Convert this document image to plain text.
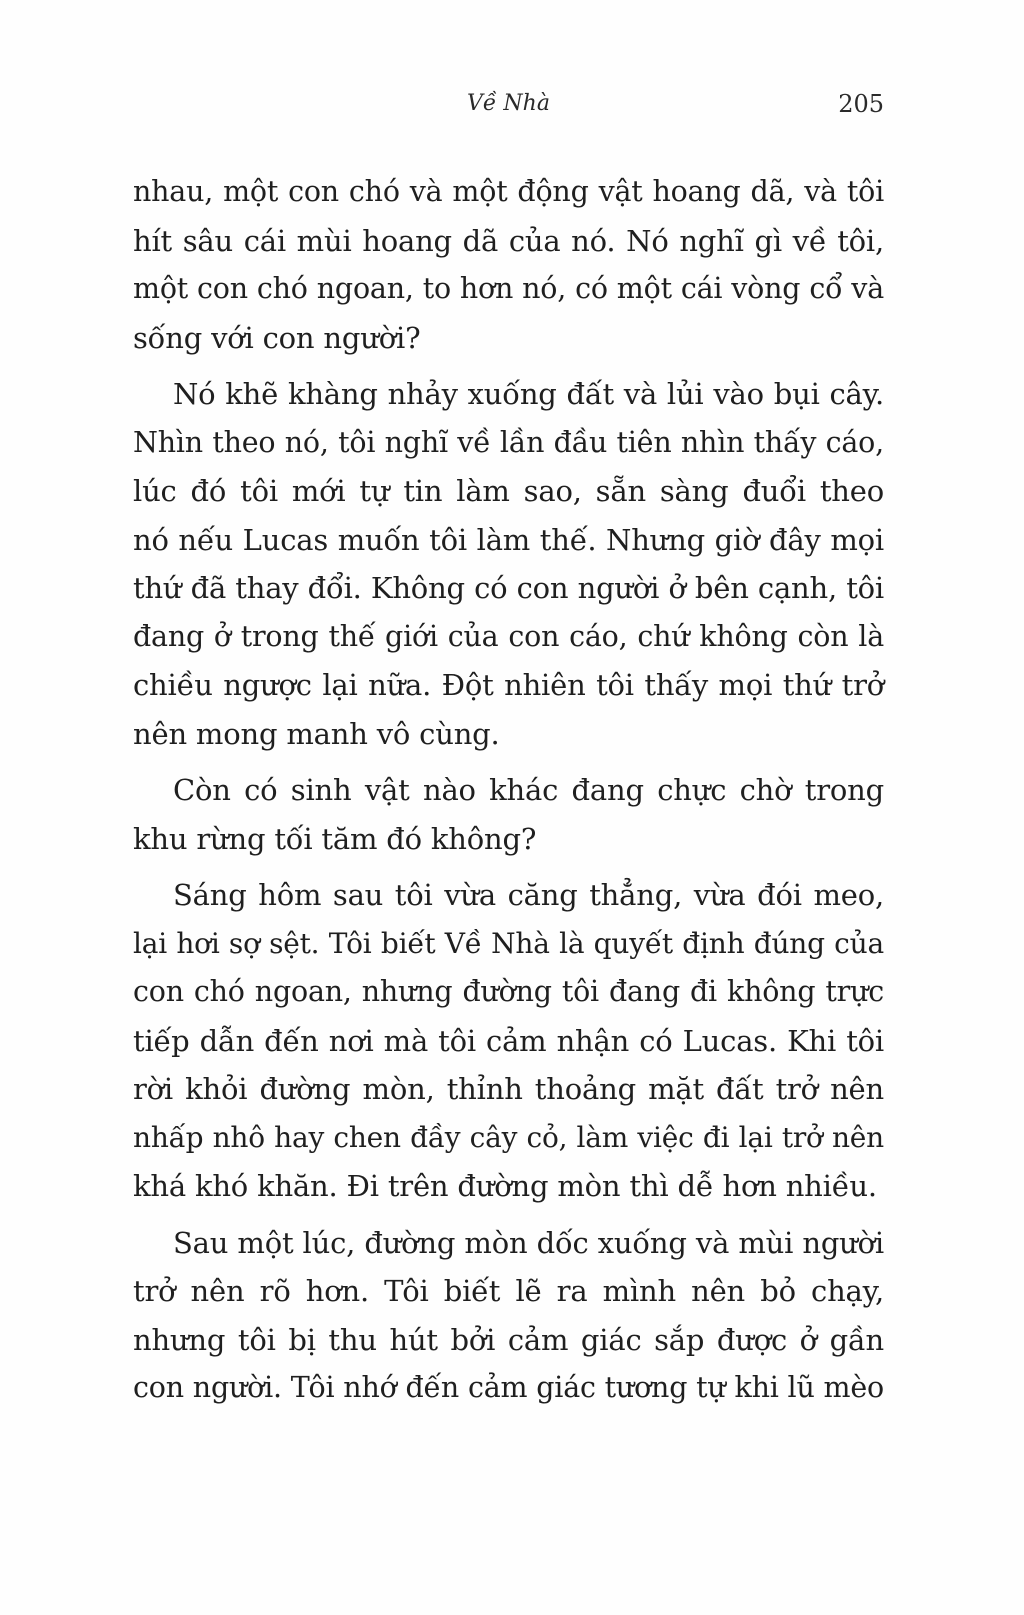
Về Nhà	205

nhau, một con chó và một động vật hoang dã, và tôi
hít sâu cái mùi hoang dã của nó. Nó nghĩ gì về tôi,
một con chó ngoan, to hơn nó, có một cái vòng cổ và
sống với con người?

Nó khẽ khàng nhảy xuống đất và lủi vào bụi cây.
Nhìn theo nó, tôi nghĩ về lần đầu tiên nhìn thấy cáo,
lúc đó tôi mới tự tin làm sao, sẵn sàng đuổi theo
nó nếu Lucas muốn tôi làm thế. Nhưng giờ đây mọi
thứ đã thay đổi. Không có con người ở bên cạnh, tôi
đang ở trong thế giới của con cáo, chứ không còn là
chiều ngược lại nữa. Đột nhiên tôi thấy mọi thứ trở
nên mong manh vô cùng.

Còn có sinh vật nào khác đang chực chờ trong
khu rừng tối tăm đó không?

Sáng hôm sau tôi vừa căng thẳng, vừa đói meo,
lại hơi sợ sệt. Tôi biết Về Nhà là quyết định đúng của
con chó ngoan, nhưng đường tôi đang đi không trực
tiếp dẫn đến nơi mà tôi cảm nhận có Lucas. Khi tôi
rời khỏi đường mòn, thỉnh thoảng mặt đất trở nên
nhấp nhô hay chen đầy cây cỏ, làm việc đi lại trở nên
khá khó khăn. Đi trên đường mòn thì dễ hơn nhiều.

Sau một lúc, đường mòn dốc xuống và mùi người
trở nên rõ hơn. Tôi biết lẽ ra mình nên bỏ chạy,
nhưng tôi bị thu hút bởi cảm giác sắp được ở gần
con người. Tôi nhớ đến cảm giác tương tự khi lũ mèo
